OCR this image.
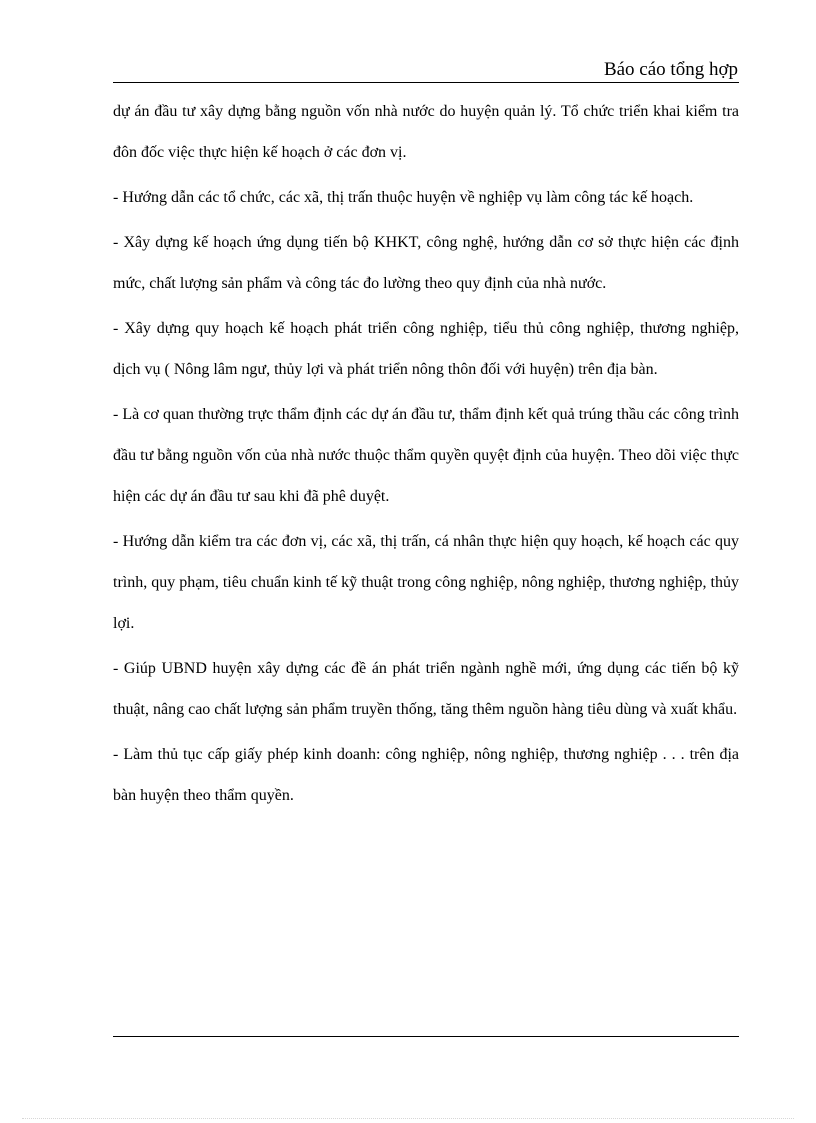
Báo cáo tổng hợp

dự án đầu tư xây dựng bằng nguồn vốn nhà nước do huyện quản lý. Tổ chức triển khai kiểm tra đôn đốc việc thực hiện kế hoạch ở các đơn vị.

- Hướng dẫn các tổ chức, các xã, thị trấn thuộc huyện về nghiệp vụ làm công tác kế hoạch.

- Xây dựng kế hoạch ứng dụng tiến bộ KHKT, công nghệ, hướng dẫn cơ sở thực hiện các định mức, chất lượng sản phẩm và công tác đo lường theo quy định của nhà nước.

- Xây dựng quy hoạch kế hoạch phát triển công nghiệp, tiểu thủ công nghiệp, thương nghiệp, dịch vụ ( Nông lâm ngư, thủy lợi và phát triển nông thôn đối với huyện) trên địa bàn.

- Là cơ quan thường trực thẩm định các dự án đầu tư, thẩm định kết quả trúng thầu các công trình đầu tư bằng nguồn vốn của nhà nước thuộc thẩm quyền quyệt định của huyện. Theo dõi việc thực hiện các dự án đầu tư sau khi đã phê duyệt.

- Hướng dẫn kiểm tra các đơn vị, các xã, thị trấn, cá nhân thực hiện quy hoạch, kế hoạch các quy trình, quy phạm, tiêu chuẩn kinh tế kỹ thuật trong công nghiệp, nông nghiệp, thương nghiệp, thủy lợi.

- Giúp UBND huyện xây dựng các đề án phát triển ngành nghề mới, ứng dụng các tiến bộ kỹ thuật, nâng cao chất lượng sản phẩm truyền thống, tăng thêm nguồn hàng tiêu dùng và xuất khẩu.

- Làm thủ tục cấp giấy phép kinh doanh: công nghiệp, nông nghiệp, thương nghiệp . . . trên địa bàn huyện theo thẩm quyền.
